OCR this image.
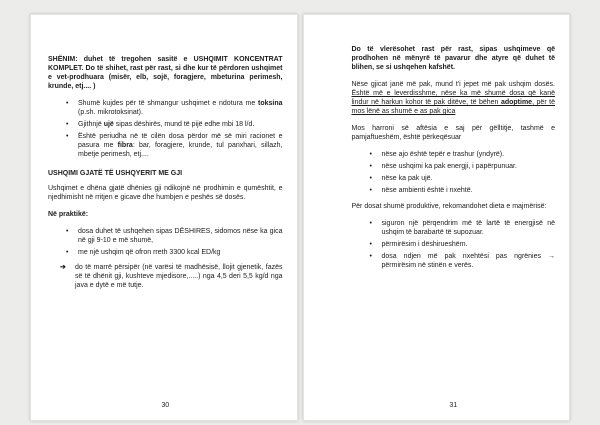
SHËNIM: duhet të tregohen sasitë e USHQIMIT KONCENTRAT KOMPLET. Do të shihet, rast për rast, si dhe kur të përdoren ushqimet e vet-prodhuara (misër, elb, sojë, foragjere, mbeturina perimesh, krunde, etj.... )
•	Shumë kujdes për të shmangur ushqimet e ndotura me toksina (p.sh. mikrotoksinat).
•	Gjithnjë ujë sipas dëshirës, mund të pijë edhe mbi 18 l/d.
•	Është periudha në të cilën dosa përdor më së miri racionet e pasura me fibra: bar, foragjere, krunde, tul panxhari, sillazh, mbetje perimesh, etj....
USHQIMI GJATË TË USHQYERIT ME GJI
Ushqimet e dhëna gjatë dhënies gji ndikojnë në prodhimin e qumështit, e njedhimisht në rritjen e gicave dhe humbjen e peshës së dosës.
Në praktikë:
•	dosa duhet të ushqehen sipas DËSHIRES, sidomos nëse ka gica në gji 9-10 e më shumë,
•	me një ushqim që ofron rreth 3300 kcal ED/kg
➔	do të marrë përsipër (në varësi të madhësisë, llojit gjenetik, fazës së të dhënit gji, kushteve mjedisore,.....) nga 4,5 deri 5,5 kg/d nga java e dytë e më tutje.
30
Do të vlerësohet rast për rast, sipas ushqimeve që prodhohen në mënyrë të pavarur dhe atyre që duhet të blihen, se si ushqehen kafshët.
Nëse gjicat janë më pak, mund t'i jepet më pak ushqim dosës. Është më e leverdisshme, nëse ka më shumë dosa që kanë lindur në harkun kohor të pak ditëve, të bëhen adoptime, për të mos lënë as shumë e as pak gica
Mos harroni së aftësia e saj për gëlltitje, tashmë e pamjaftueshëm, është përkeqësuar
•	nëse ajo është tepër e trashur (yndyrë).
•	nëse ushqimi ka pak energji, i papërpunuar.
•	nëse ka pak ujë.
•	nëse ambienti është i nxehtë.
Për dosat shumë produktive, rekomandohet dieta e majmërisë:
•	siguron një përqendrim më të lartë të energjisë në ushqim të barabartë të supozuar.
•	përmirësim i dëshirueshëm.
•	dosa ndjen më pak nxehtësi pas ngrënies → përmirësim në stinën e verës.
31
